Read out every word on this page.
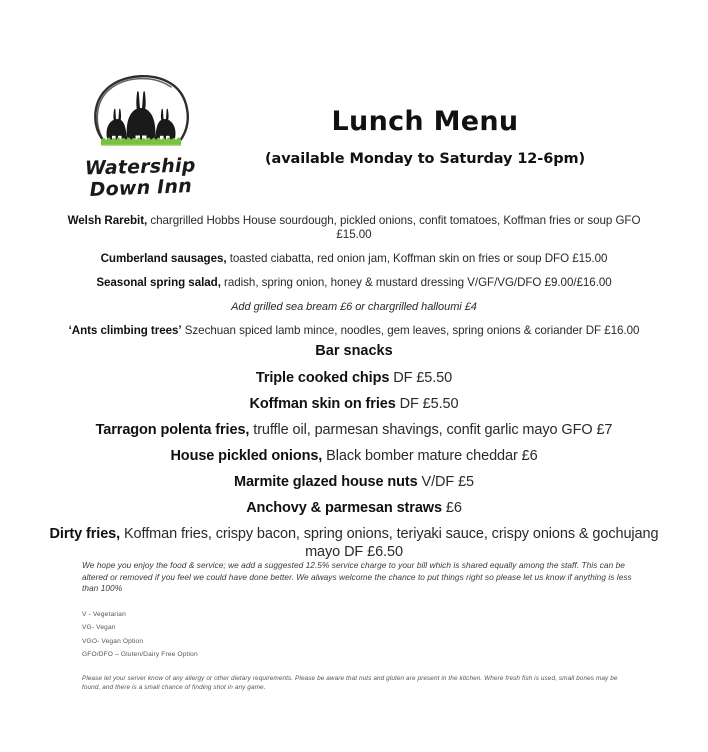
Watership
Down Inn
Lunch Menu
(available Monday to Saturday 12-6pm)
Welsh Rarebit, chargrilled Hobbs House sourdough, pickled onions, confit tomatoes, Koffman fries or soup GFO £15.00
Cumberland sausages, toasted ciabatta, red onion jam, Koffman skin on fries or soup DFO £15.00
Seasonal spring salad, radish, spring onion, honey & mustard dressing V/GF/VG/DFO £9.00/£16.00
Add grilled sea bream £6 or chargrilled halloumi £4
‘Ants climbing trees’ Szechuan spiced lamb mince, noodles, gem leaves, spring onions & coriander DF £16.00
Bar snacks
Triple cooked chips DF £5.50
Koffman skin on fries DF £5.50
Tarragon polenta fries, truffle oil, parmesan shavings, confit garlic mayo GFO £7
House pickled onions, Black bomber mature cheddar £6
Marmite glazed house nuts V/DF £5
Anchovy & parmesan straws £6
Dirty fries, Koffman fries, crispy bacon, spring onions, teriyaki sauce, crispy onions & gochujang mayo DF £6.50
We hope you enjoy the food & service; we add a suggested 12.5% service charge to your bill which is shared equally among the staff. This can be altered or removed if you feel we could have done better. We always welcome the chance to put things right so please let us know if anything is less than 100%
V - Vegetarian
VG- Vegan
VGO- Vegan Option
GFO/DFO – Gluten/Dairy Free Option
Please let your server know of any allergy or other dietary requirements. Please be aware that nuts and gluten are present in the kitchen. Where fresh fish is used, small bones may be found, and there is a small chance of finding shot in any game.
